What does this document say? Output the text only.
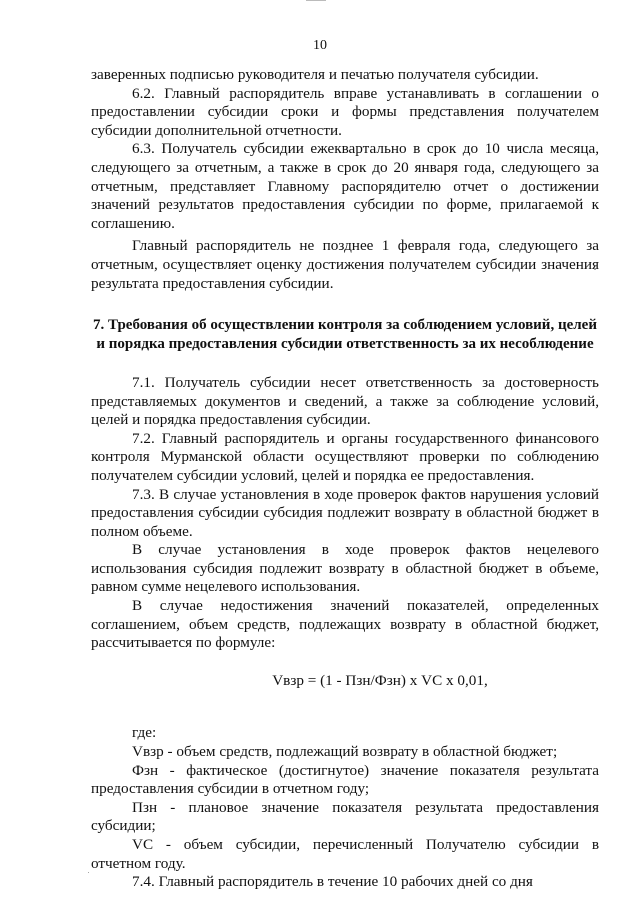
10

заверенных подписью руководителя и печатью получателя субсидии.

6.2. Главный распорядитель вправе устанавливать в соглашении о предоставлении субсидии сроки и формы представления получателем субсидии дополнительной отчетности.

6.3. Получатель субсидии ежеквартально в срок до 10 числа месяца, следующего за отчетным, а также в срок до 20 января года, следующего за отчетным, представляет Главному распорядителю отчет о достижении значений результатов предоставления субсидии по форме, прилагаемой к соглашению.

Главный распорядитель не позднее 1 февраля года, следующего за отчетным, осуществляет оценку достижения получателем субсидии значения результата предоставления субсидии.

7. Требования об осуществлении контроля за соблюдением условий, целей и порядка предоставления субсидии ответственность за их несоблюдение

7.1. Получатель субсидии несет ответственность за достоверность представляемых документов и сведений, а также за соблюдение условий, целей и порядка предоставления субсидии.

7.2. Главный распорядитель и органы государственного финансового контроля Мурманской области осуществляют проверки по соблюдению получателем субсидии условий, целей и порядка ее предоставления.

7.3. В случае установления в ходе проверок фактов нарушения условий предоставления субсидии субсидия подлежит возврату в областной бюджет в полном объеме.

В случае установления в ходе проверок фактов нецелевого использования субсидия подлежит возврату в областной бюджет в объеме, равном сумме нецелевого использования.

В случае недостижения значений показателей, определенных соглашением, объем средств, подлежащих возврату в областной бюджет, рассчитывается по формуле:

Vвзр = (1 - Пзн/Фзн) х VC х 0,01,

где:

Vвзр - объем средств, подлежащий возврату в областной бюджет;

Фзн - фактическое (достигнутое) значение показателя результата предоставления субсидии в отчетном году;

Пзн - плановое значение показателя результата предоставления субсидии;

VC - объем субсидии, перечисленный Получателю субсидии в отчетном году.

7.4. Главный распорядитель в течение 10 рабочих дней со дня
